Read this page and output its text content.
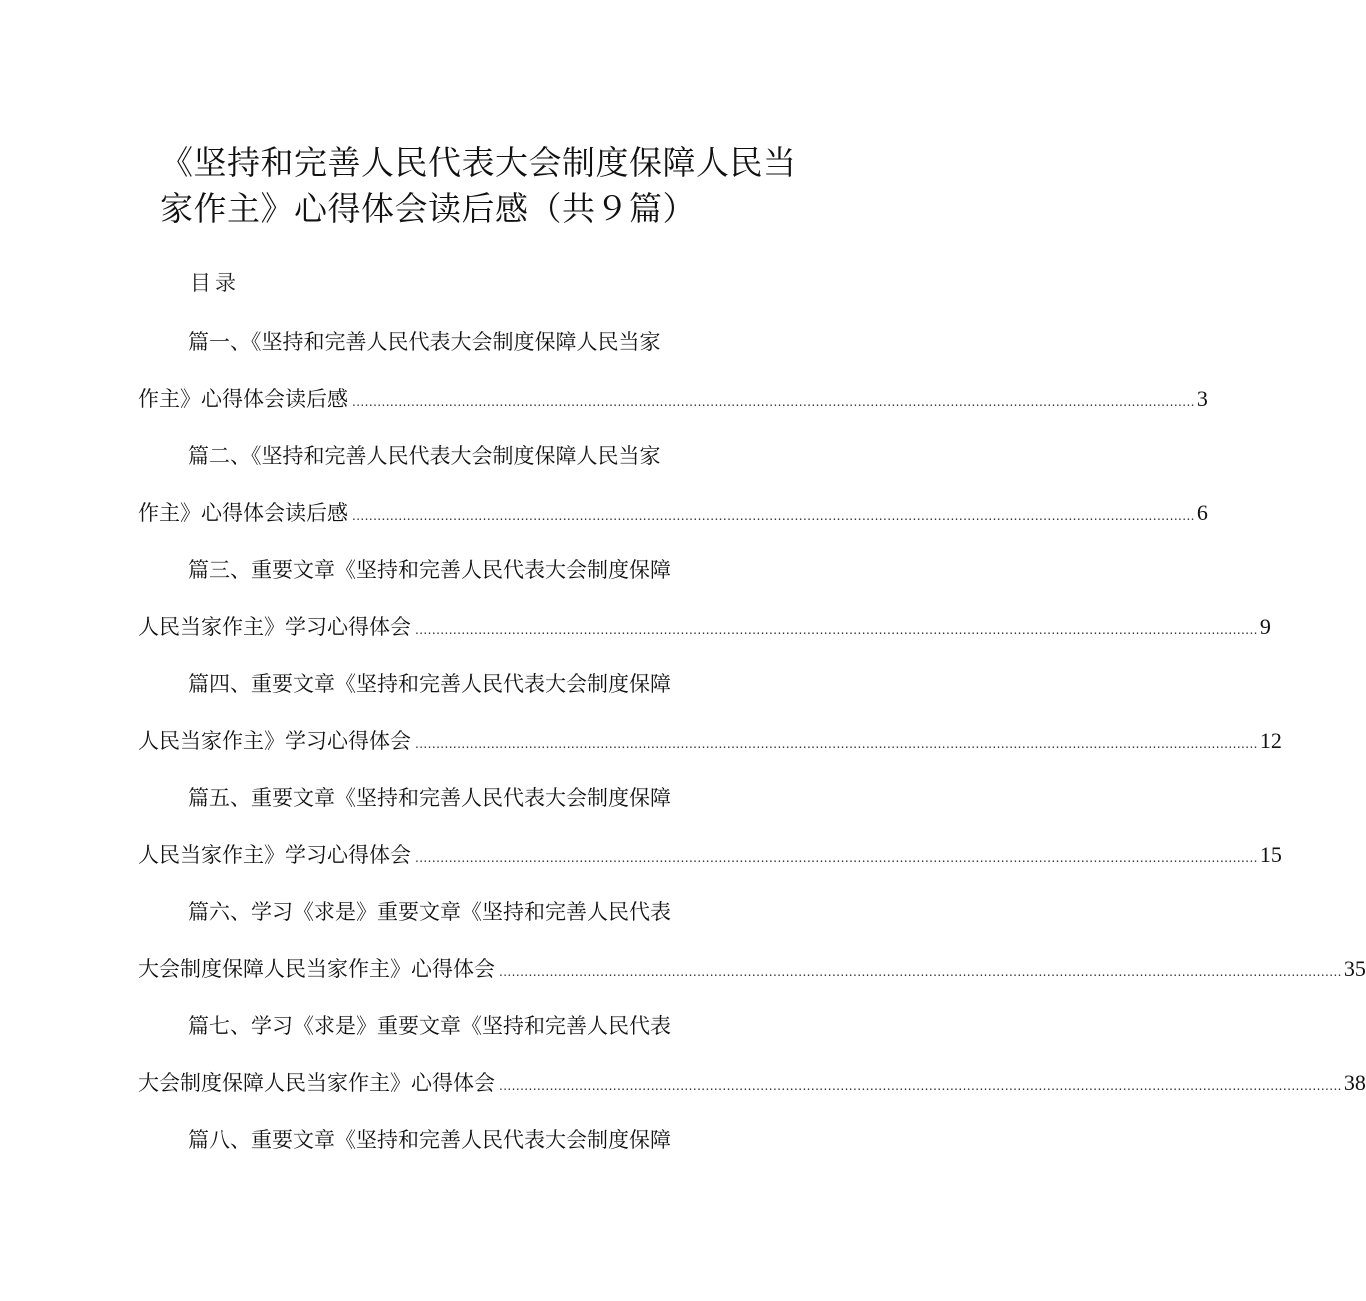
《坚持和完善人民代表大会制度保障人民当
家作主》心得体会读后感（共９篇）
目录
篇一、《坚持和完善人民代表大会制度保障人民当家
作主》心得体会读后感 ........................................................................................................................................................................................................ 3
篇二、《坚持和完善人民代表大会制度保障人民当家
作主》心得体会读后感 ........................................................................................................................................................................................................ 6
篇三、重要文章《坚持和完善人民代表大会制度保障
人民当家作主》学习心得体会 ........................................................................................................................................................................................................ 9
篇四、重要文章《坚持和完善人民代表大会制度保障
人民当家作主》学习心得体会 ........................................................................................................................................................................................................ 12
篇五、重要文章《坚持和完善人民代表大会制度保障
人民当家作主》学习心得体会 ........................................................................................................................................................................................................ 15
篇六、学习《求是》重要文章《坚持和完善人民代表
大会制度保障人民当家作主》心得体会 ........................................................................................................................................................................................................ 35
篇七、学习《求是》重要文章《坚持和完善人民代表
大会制度保障人民当家作主》心得体会 ........................................................................................................................................................................................................ 38
篇八、重要文章《坚持和完善人民代表大会制度保障
